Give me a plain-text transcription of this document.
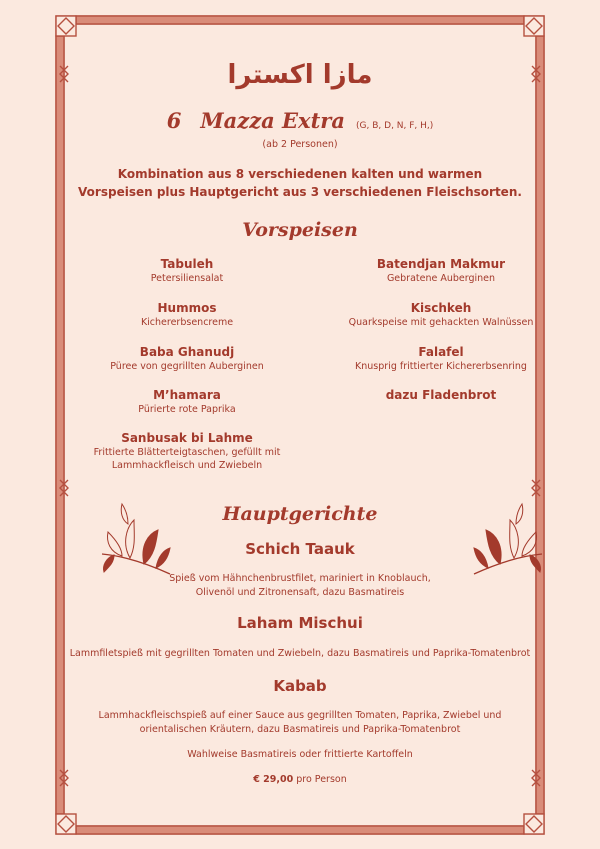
مازا اكسترا
6 Mazza Extra (G, B, D, N, F, H,)
(ab 2 Personen)
Kombination aus 8 verschiedenen kalten und warmen
Vorspeisen plus Hauptgericht aus 3 verschiedenen Fleischsorten.
Vorspeisen
Tabuleh
Petersiliensalat
Hummos
Kichererbsencreme
Baba Ghanudj
Püree von gegrillten Auberginen
M’hamara
Pürierte rote Paprika
Sanbusak bi Lahme
Frittierte Blätterteigtaschen, gefüllt mit
Lammhackfleisch und Zwiebeln
Batendjan Makmur
Gebratene Auberginen
Kischkeh
Quarkspeise mit gehackten Walnüssen
Falafel
Knusprig frittierter Kichererbsenring
dazu Fladenbrot
Hauptgerichte
Schich Taauk
Spieß vom Hähnchenbrustfilet, mariniert in Knoblauch,
Olivenöl und Zitronensaft, dazu Basmatireis
Laham Mischui
Lammfiletspieß mit gegrillten Tomaten und Zwiebeln, dazu Basmatireis und Paprika-Tomatenbrot
Kabab
Lammhackfleischspieß auf einer Sauce aus gegrillten Tomaten, Paprika, Zwiebel und
orientalischen Kräutern, dazu Basmatireis und Paprika-Tomatenbrot
Wahlweise Basmatireis oder frittierte Kartoffeln
€ 29,00 pro Person
